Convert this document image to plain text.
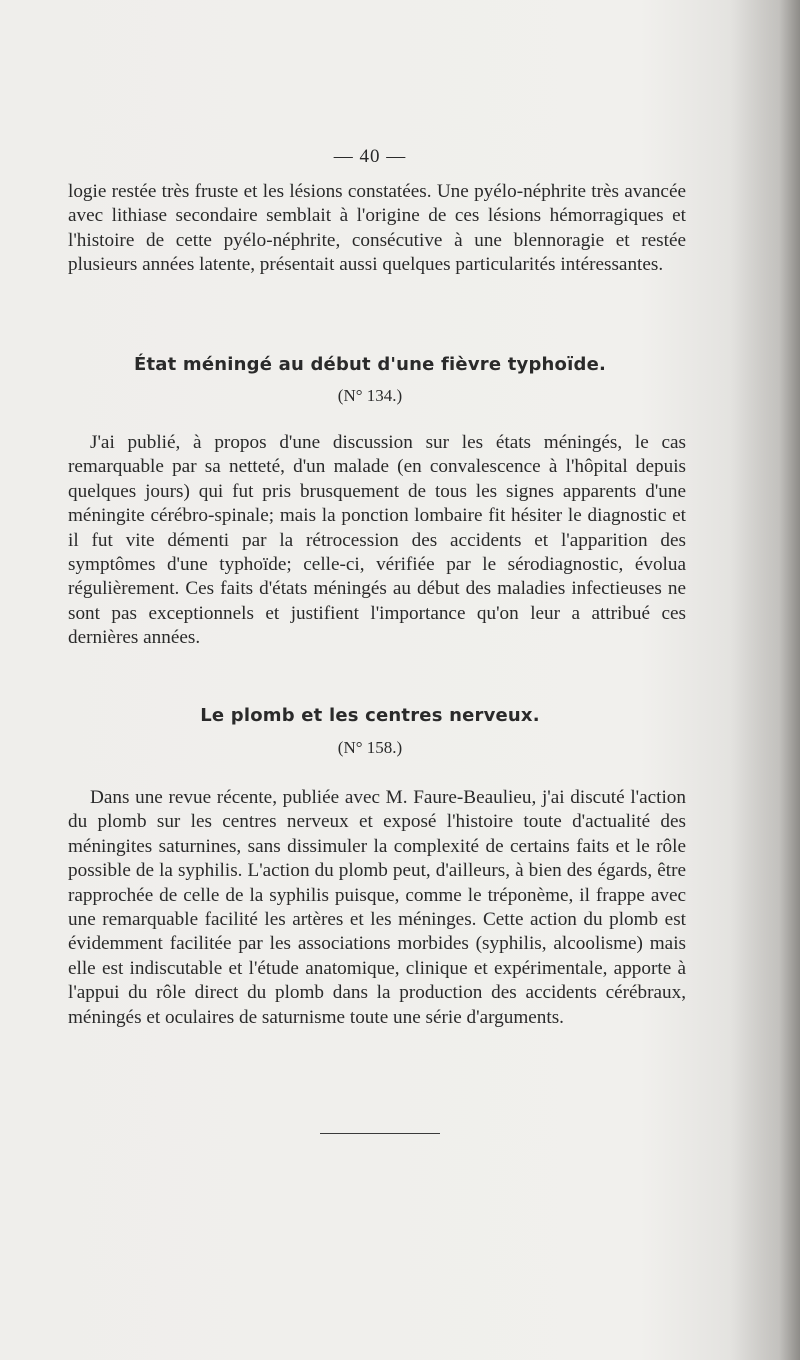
— 40 —

logie restée très fruste et les lésions constatées. Une pyélo-néphrite très avancée avec lithiase secondaire semblait à l'origine de ces lésions hémorragiques et l'histoire de cette pyélo-néphrite, consécutive à une blennoragie et restée plusieurs années latente, présentait aussi quelques particularités intéressantes.

État méningé au début d'une fièvre typhoïde.
(N° 134.)

J'ai publié, à propos d'une discussion sur les états méningés, le cas remarquable par sa netteté, d'un malade (en convalescence à l'hôpital depuis quelques jours) qui fut pris brusquement de tous les signes apparents d'une méningite cérébro-spinale; mais la ponction lombaire fit hésiter le diagnostic et il fut vite démenti par la rétrocession des accidents et l'apparition des symptômes d'une typhoïde; celle-ci, vérifiée par le sérodiagnostic, évolua régulièrement. Ces faits d'états méningés au début des maladies infectieuses ne sont pas exceptionnels et justifient l'importance qu'on leur a attribué ces dernières années.

Le plomb et les centres nerveux.
(N° 158.)

Dans une revue récente, publiée avec M. Faure-Beaulieu, j'ai discuté l'action du plomb sur les centres nerveux et exposé l'histoire toute d'actualité des méningites saturnines, sans dissimuler la complexité de certains faits et le rôle possible de la syphilis. L'action du plomb peut, d'ailleurs, à bien des égards, être rapprochée de celle de la syphilis puisque, comme le tréponème, il frappe avec une remarquable facilité les artères et les méninges. Cette action du plomb est évidemment facilitée par les associations morbides (syphilis, alcoolisme) mais elle est indiscutable et l'étude anatomique, clinique et expérimentale, apporte à l'appui du rôle direct du plomb dans la production des accidents cérébraux, méningés et oculaires de saturnisme toute une série d'arguments.
